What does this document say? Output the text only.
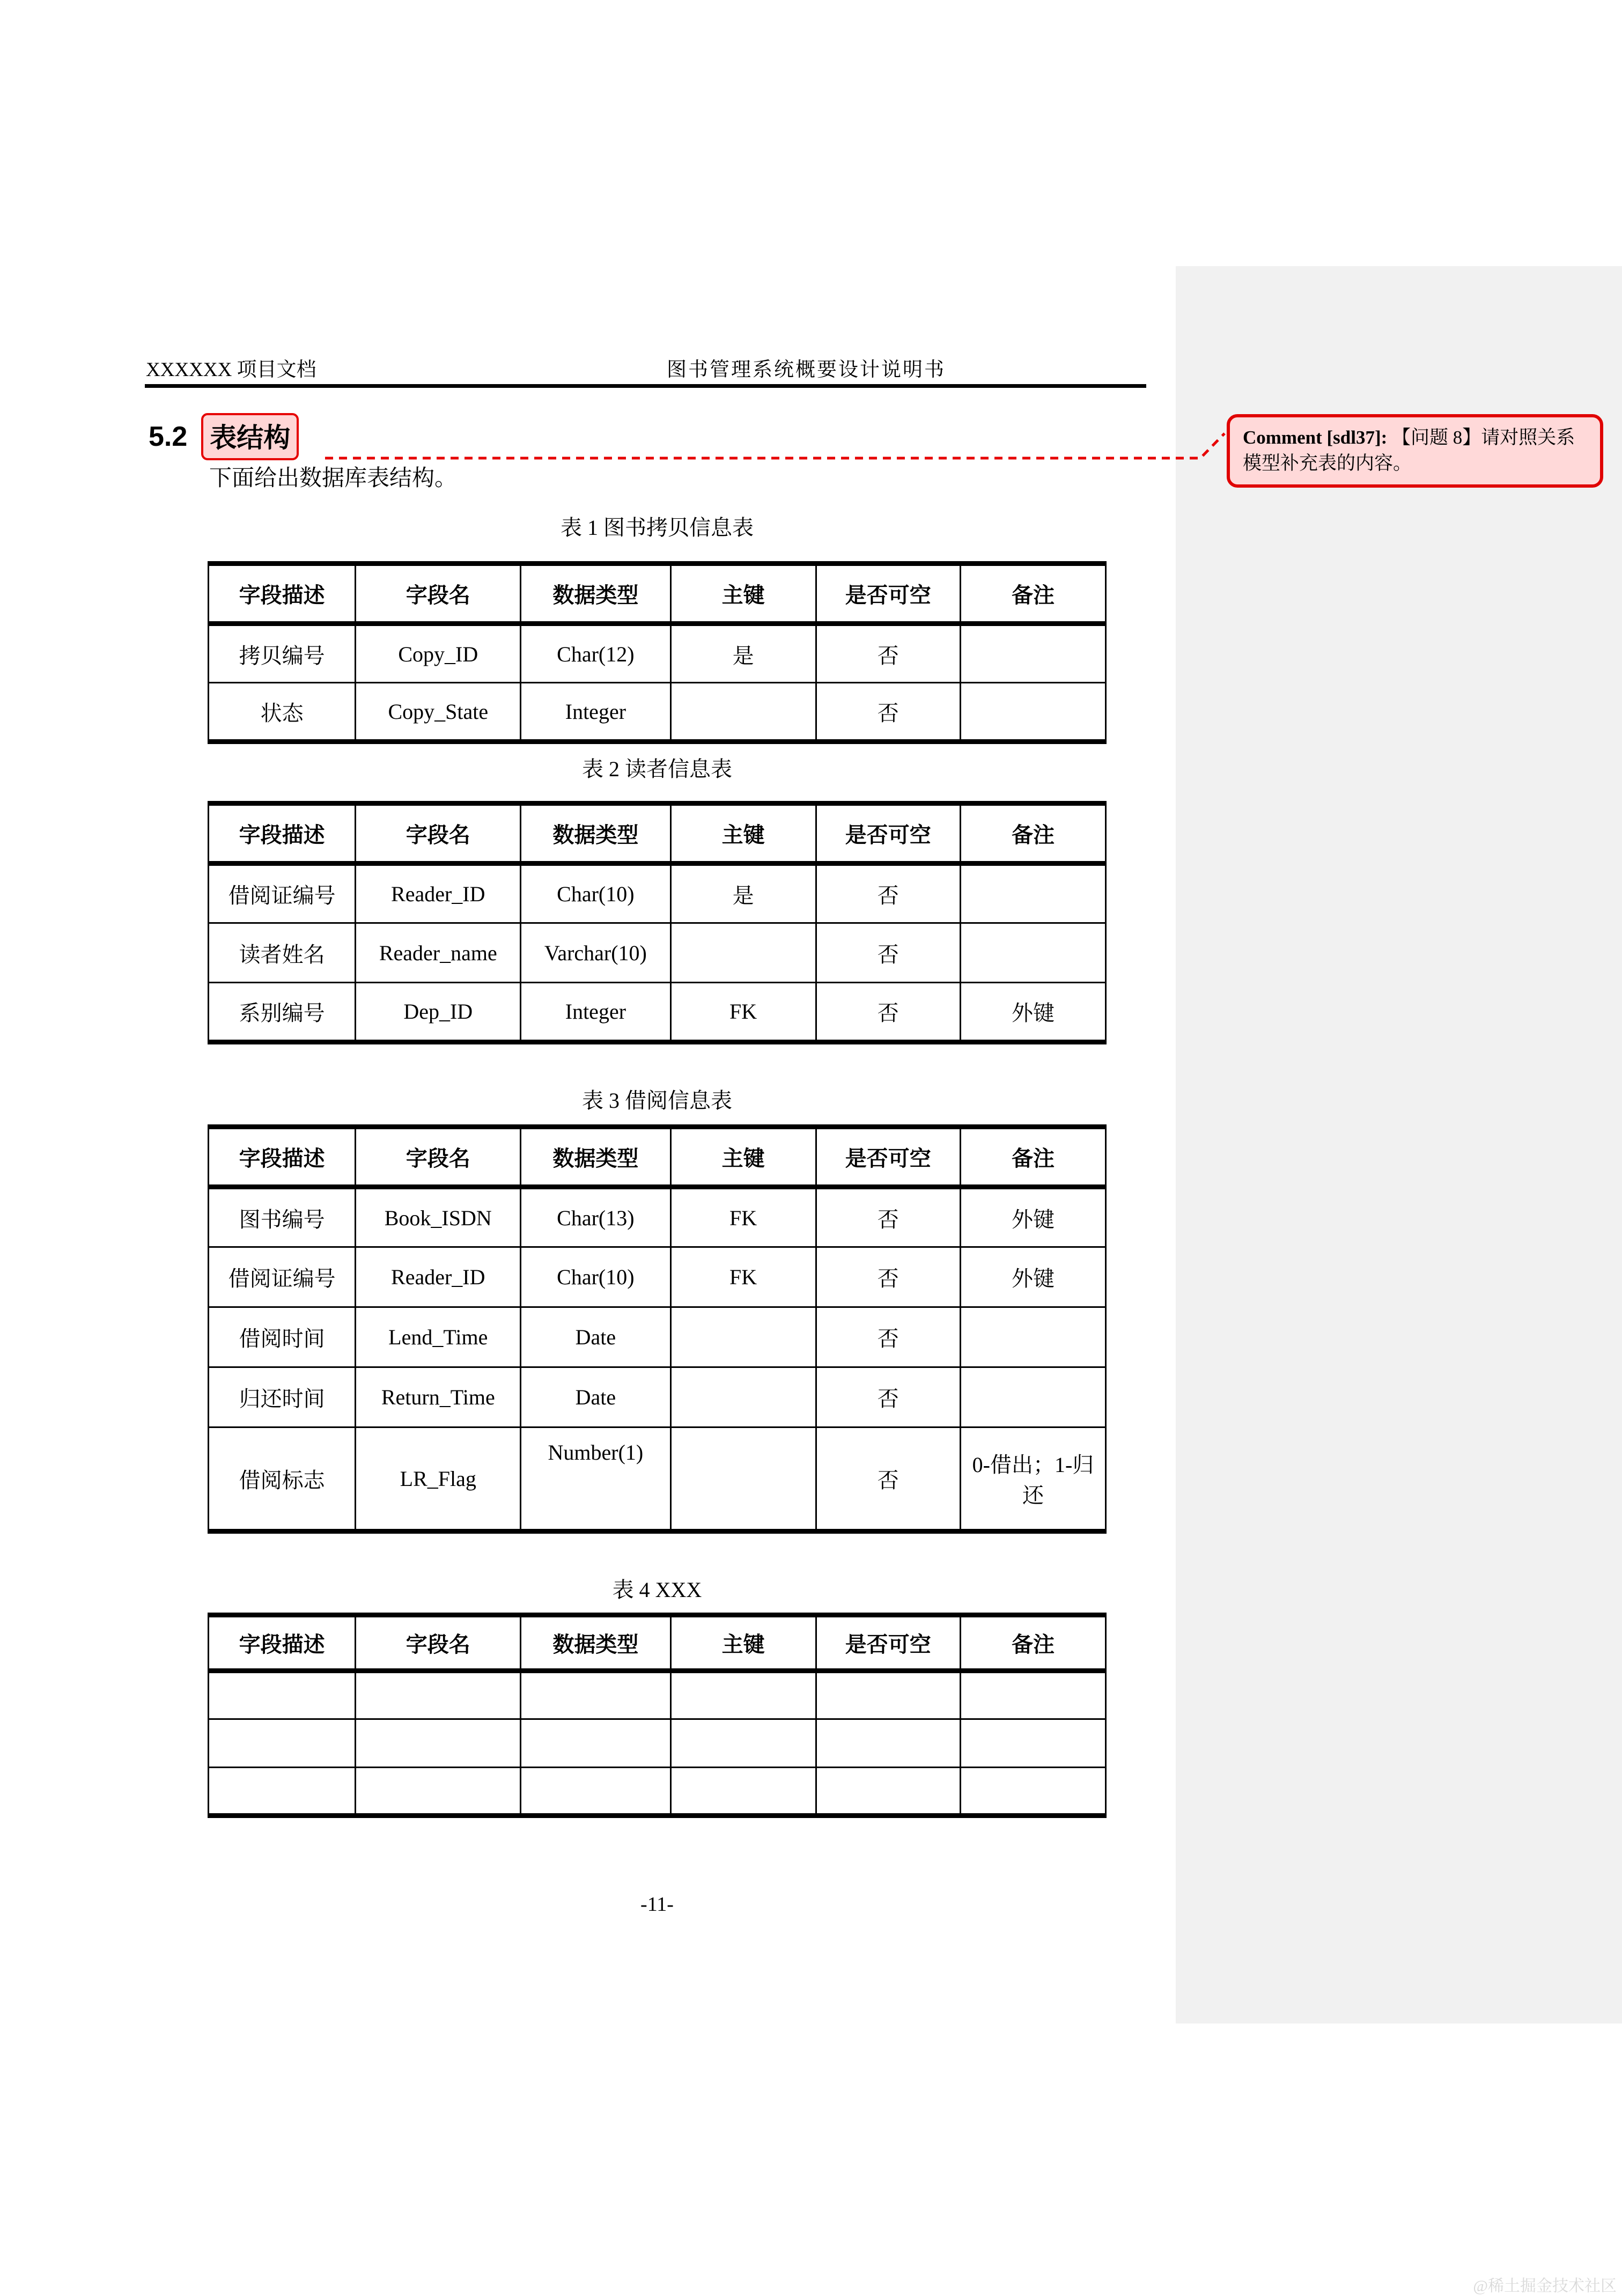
XXXXXX 项目文档	图书管理系统概要设计说明书
5.2 表结构	Comment [sdl37]: 【问题 8】请对照关系模型补充表的内容。
下面给出数据库表结构。
表 1 图书拷贝信息表
字段描述	字段名	数据类型	主键	是否可空	备注
拷贝编号	Copy_ID	Char(12)	是	否	
状态	Copy_State	Integer		否	
表 2 读者信息表
字段描述	字段名	数据类型	主键	是否可空	备注
借阅证编号	Reader_ID	Char(10)	是	否	
读者姓名	Reader_name	Varchar(10)		否	
系别编号	Dep_ID	Integer	FK	否	外键
表 3 借阅信息表
字段描述	字段名	数据类型	主键	是否可空	备注
图书编号	Book_ISDN	Char(13)	FK	否	外键
借阅证编号	Reader_ID	Char(10)	FK	否	外键
借阅时间	Lend_Time	Date		否	
归还时间	Return_Time	Date		否	
借阅标志	LR_Flag	Number(1)		否	0-借出；1-归还
表 4 XXX
字段描述	字段名	数据类型	主键	是否可空	备注

-11-
@稀土掘金技术社区
